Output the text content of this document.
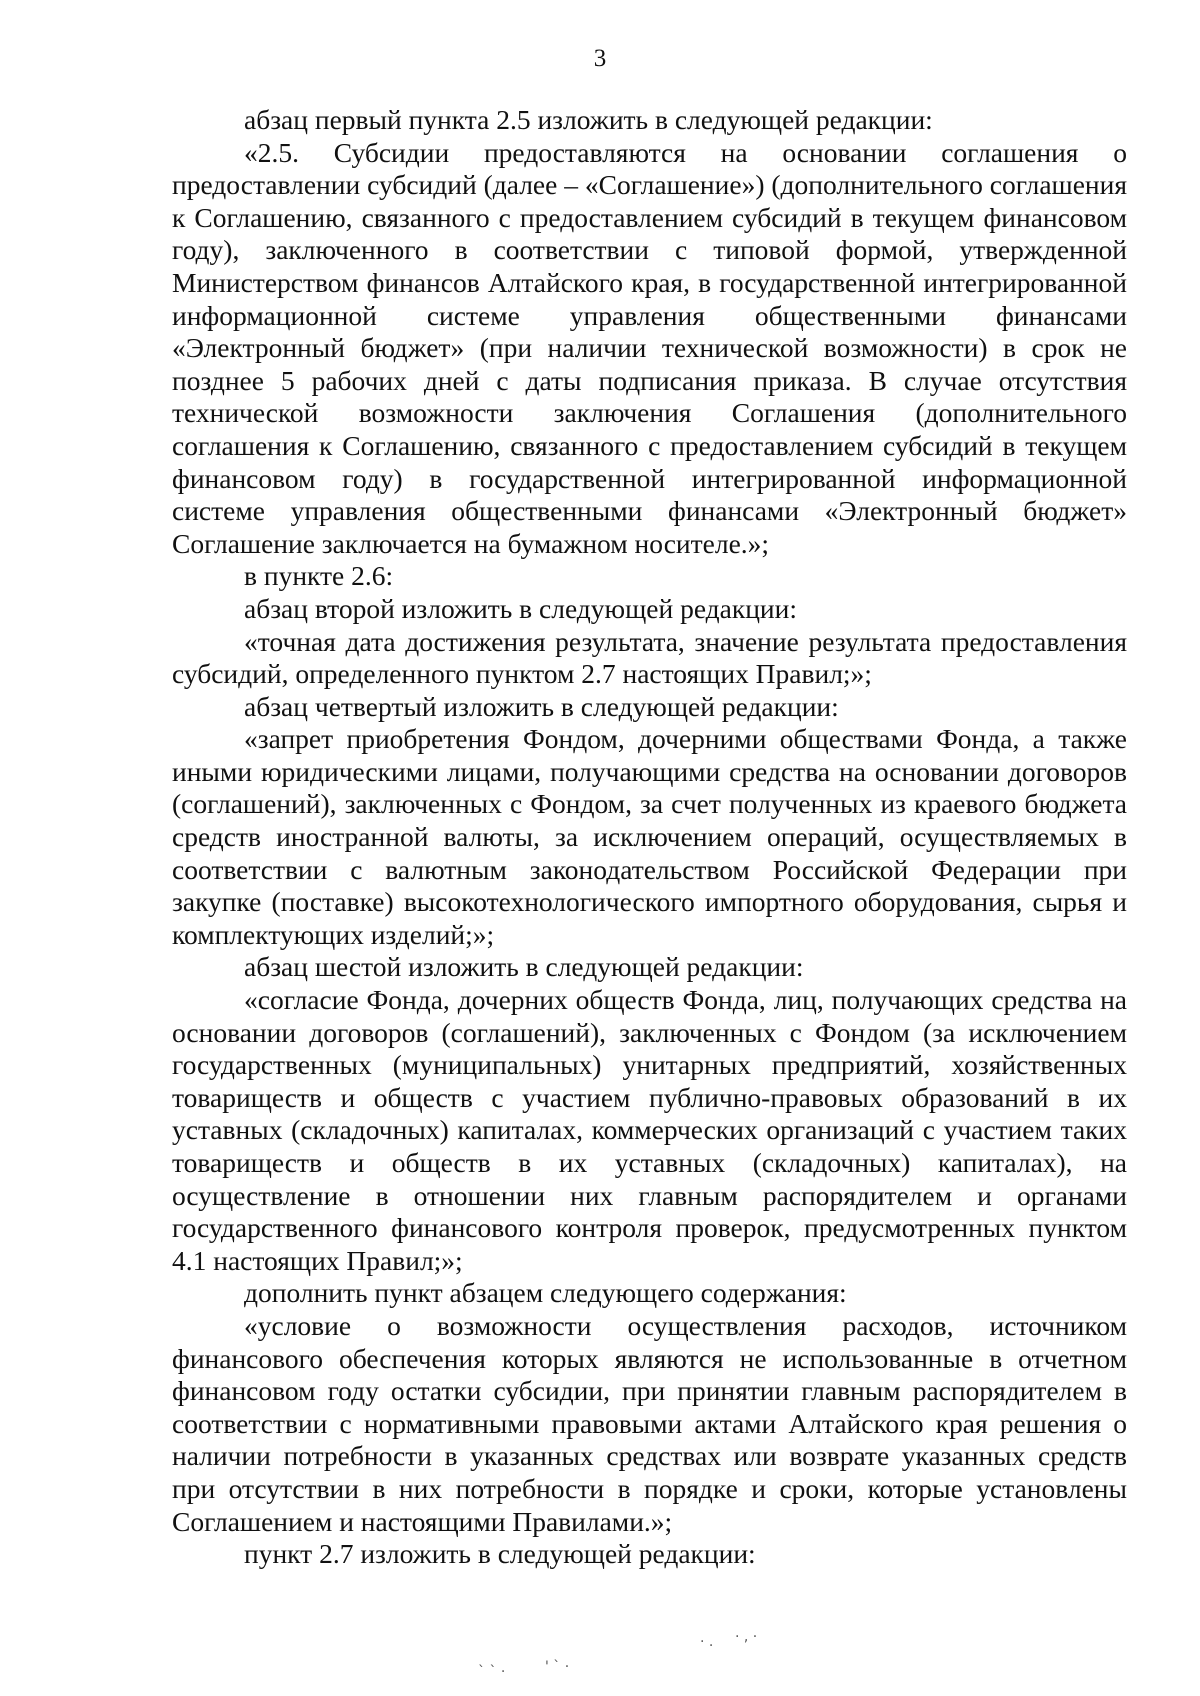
3

абзац первый пункта 2.5 изложить в следующей редакции:

«2.5. Субсидии предоставляются на основании соглашения о предоставлении субсидий (далее – «Соглашение») (дополнительного соглашения к Соглашению, связанного с предоставлением субсидий в текущем финансовом году), заключенного в соответствии с типовой формой, утвержденной Министерством финансов Алтайского края, в государственной интегрированной информационной системе управления общественными финансами «Электронный бюджет» (при наличии технической возможности) в срок не позднее 5 рабочих дней с даты подписания приказа. В случае отсутствия технической возможности заключения Соглашения (дополнительного соглашения к Соглашению, связанного с предоставлением субсидий в текущем финансовом году) в государственной интегрированной информационной системе управления общественными финансами «Электронный бюджет» Соглашение заключается на бумажном носителе.»;

в пункте 2.6:

абзац второй изложить в следующей редакции:

«точная дата достижения результата, значение результата предоставления субсидий, определенного пунктом 2.7 настоящих Правил;»;

абзац четвертый изложить в следующей редакции:

«запрет приобретения Фондом, дочерними обществами Фонда, а также иными юридическими лицами, получающими средства на основании договоров (соглашений), заключенных с Фондом, за счет полученных из краевого бюджета средств иностранной валюты, за исключением операций, осуществляемых в соответствии с валютным законодательством Российской Федерации при закупке (поставке) высокотехнологического импортного оборудования, сырья и комплектующих изделий;»;

абзац шестой изложить в следующей редакции:

«согласие Фонда, дочерних обществ Фонда, лиц, получающих средства на основании договоров (соглашений), заключенных с Фондом (за исключением государственных (муниципальных) унитарных предприятий, хозяйственных товариществ и обществ с участием публично-правовых образований в их уставных (складочных) капиталах, коммерческих организаций с участием таких товариществ и обществ в их уставных (складочных) капиталах), на осуществление в отношении них главным распорядителем и органами государственного финансового контроля проверок, предусмотренных пунктом 4.1 настоящих Правил;»;

дополнить пункт абзацем следующего содержания:

«условие о возможности осуществления расходов, источником финансового обеспечения которых являются не использованные в отчетном финансовом году остатки субсидии, при принятии главным распорядителем в соответствии с нормативными правовыми актами Алтайского края решения о наличии потребности в указанных средствах или возврате указанных средств при отсутствии в них потребности в порядке и сроки, которые установлены Соглашением и настоящими Правилами.»;

пункт 2.7 изложить в следующей редакции:

` ` ·	' ` ·
· . · , ·
